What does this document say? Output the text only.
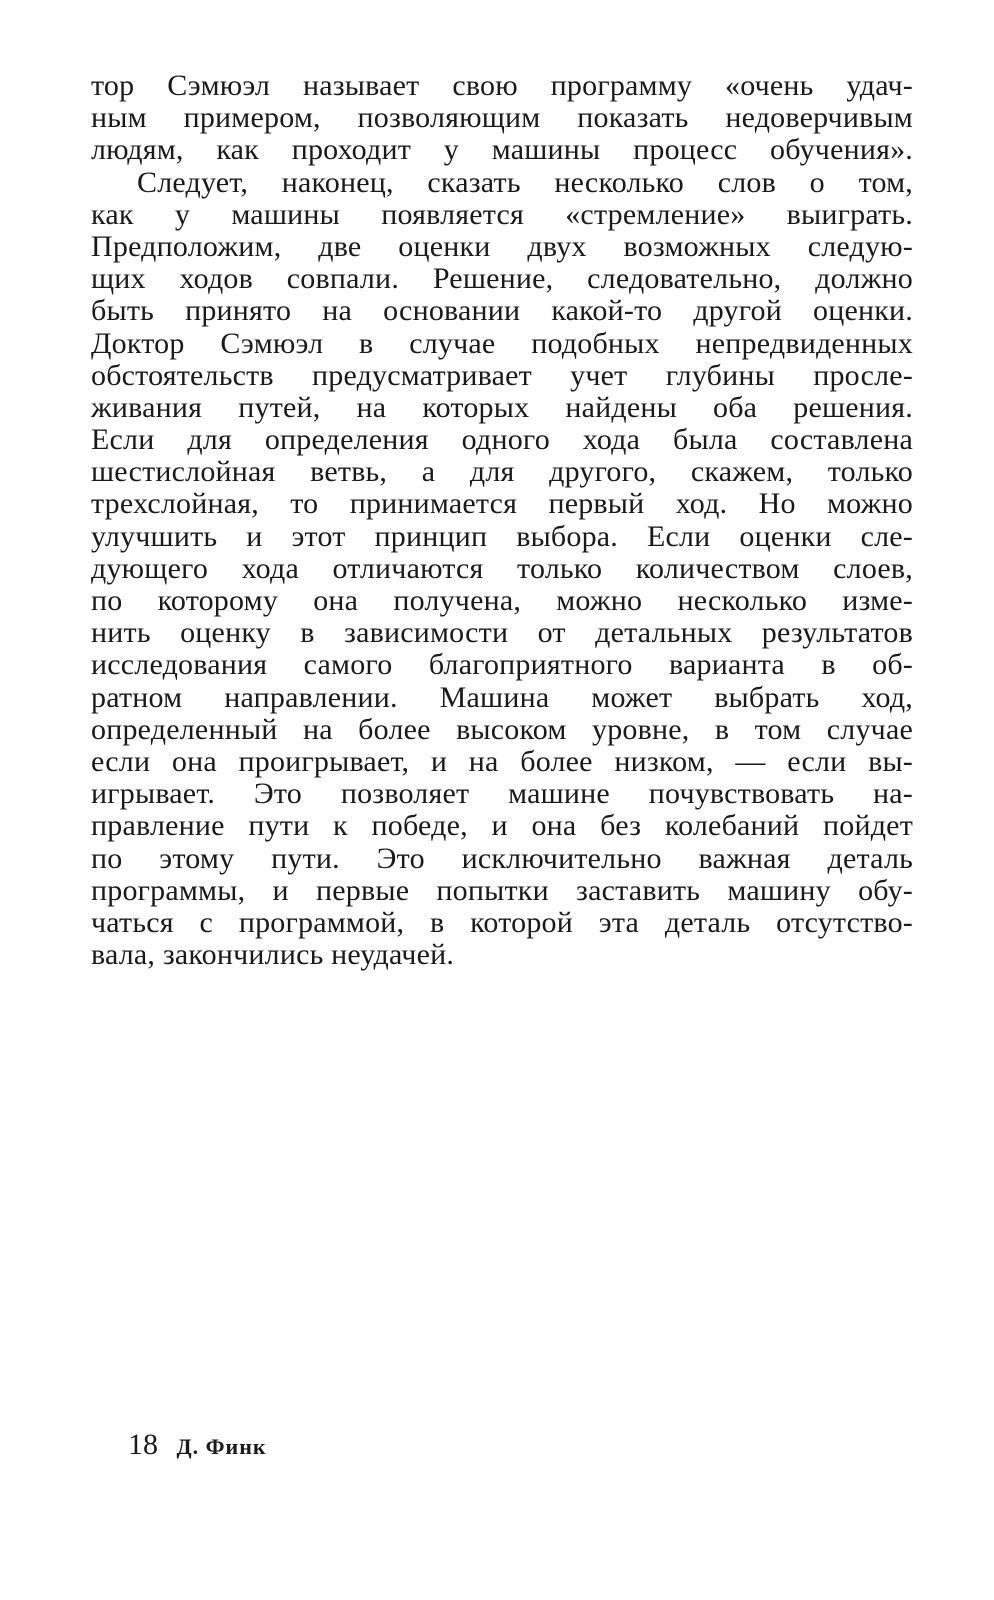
тор Сэмюэл называет свою программу «очень удач-
ным примером, позволяющим показать недоверчивым
людям, как проходит у машины процесс обучения».
Следует, наконец, сказать несколько слов о том,
как у машины появляется «стремление» выиграть.
Предположим, две оценки двух возможных следую-
щих ходов совпали. Решение, следовательно, должно
быть принято на основании какой-то другой оценки.
Доктор Сэмюэл в случае подобных непредвиденных
обстоятельств предусматривает учет глубины просле-
живания путей, на которых найдены оба решения.
Если для определения одного хода была составлена
шестислойная ветвь, а для другого, скажем, только
трехслойная, то принимается первый ход. Но можно
улучшить и этот принцип выбора. Если оценки сле-
дующего хода отличаются только количеством слоев,
по которому она получена, можно несколько изме-
нить оценку в зависимости от детальных результатов
исследования самого благоприятного варианта в об-
ратном направлении. Машина может выбрать ход,
определенный на более высоком уровне, в том случае
если она проигрывает, и на более низком, — если вы-
игрывает. Это позволяет машине почувствовать на-
правление пути к победе, и она без колебаний пойдет
по этому пути. Это исключительно важная деталь
программы, и первые попытки заставить машину обу-
чаться с программой, в которой эта деталь отсутство-
вала, закончились неудачей.
18 Д. Финк
